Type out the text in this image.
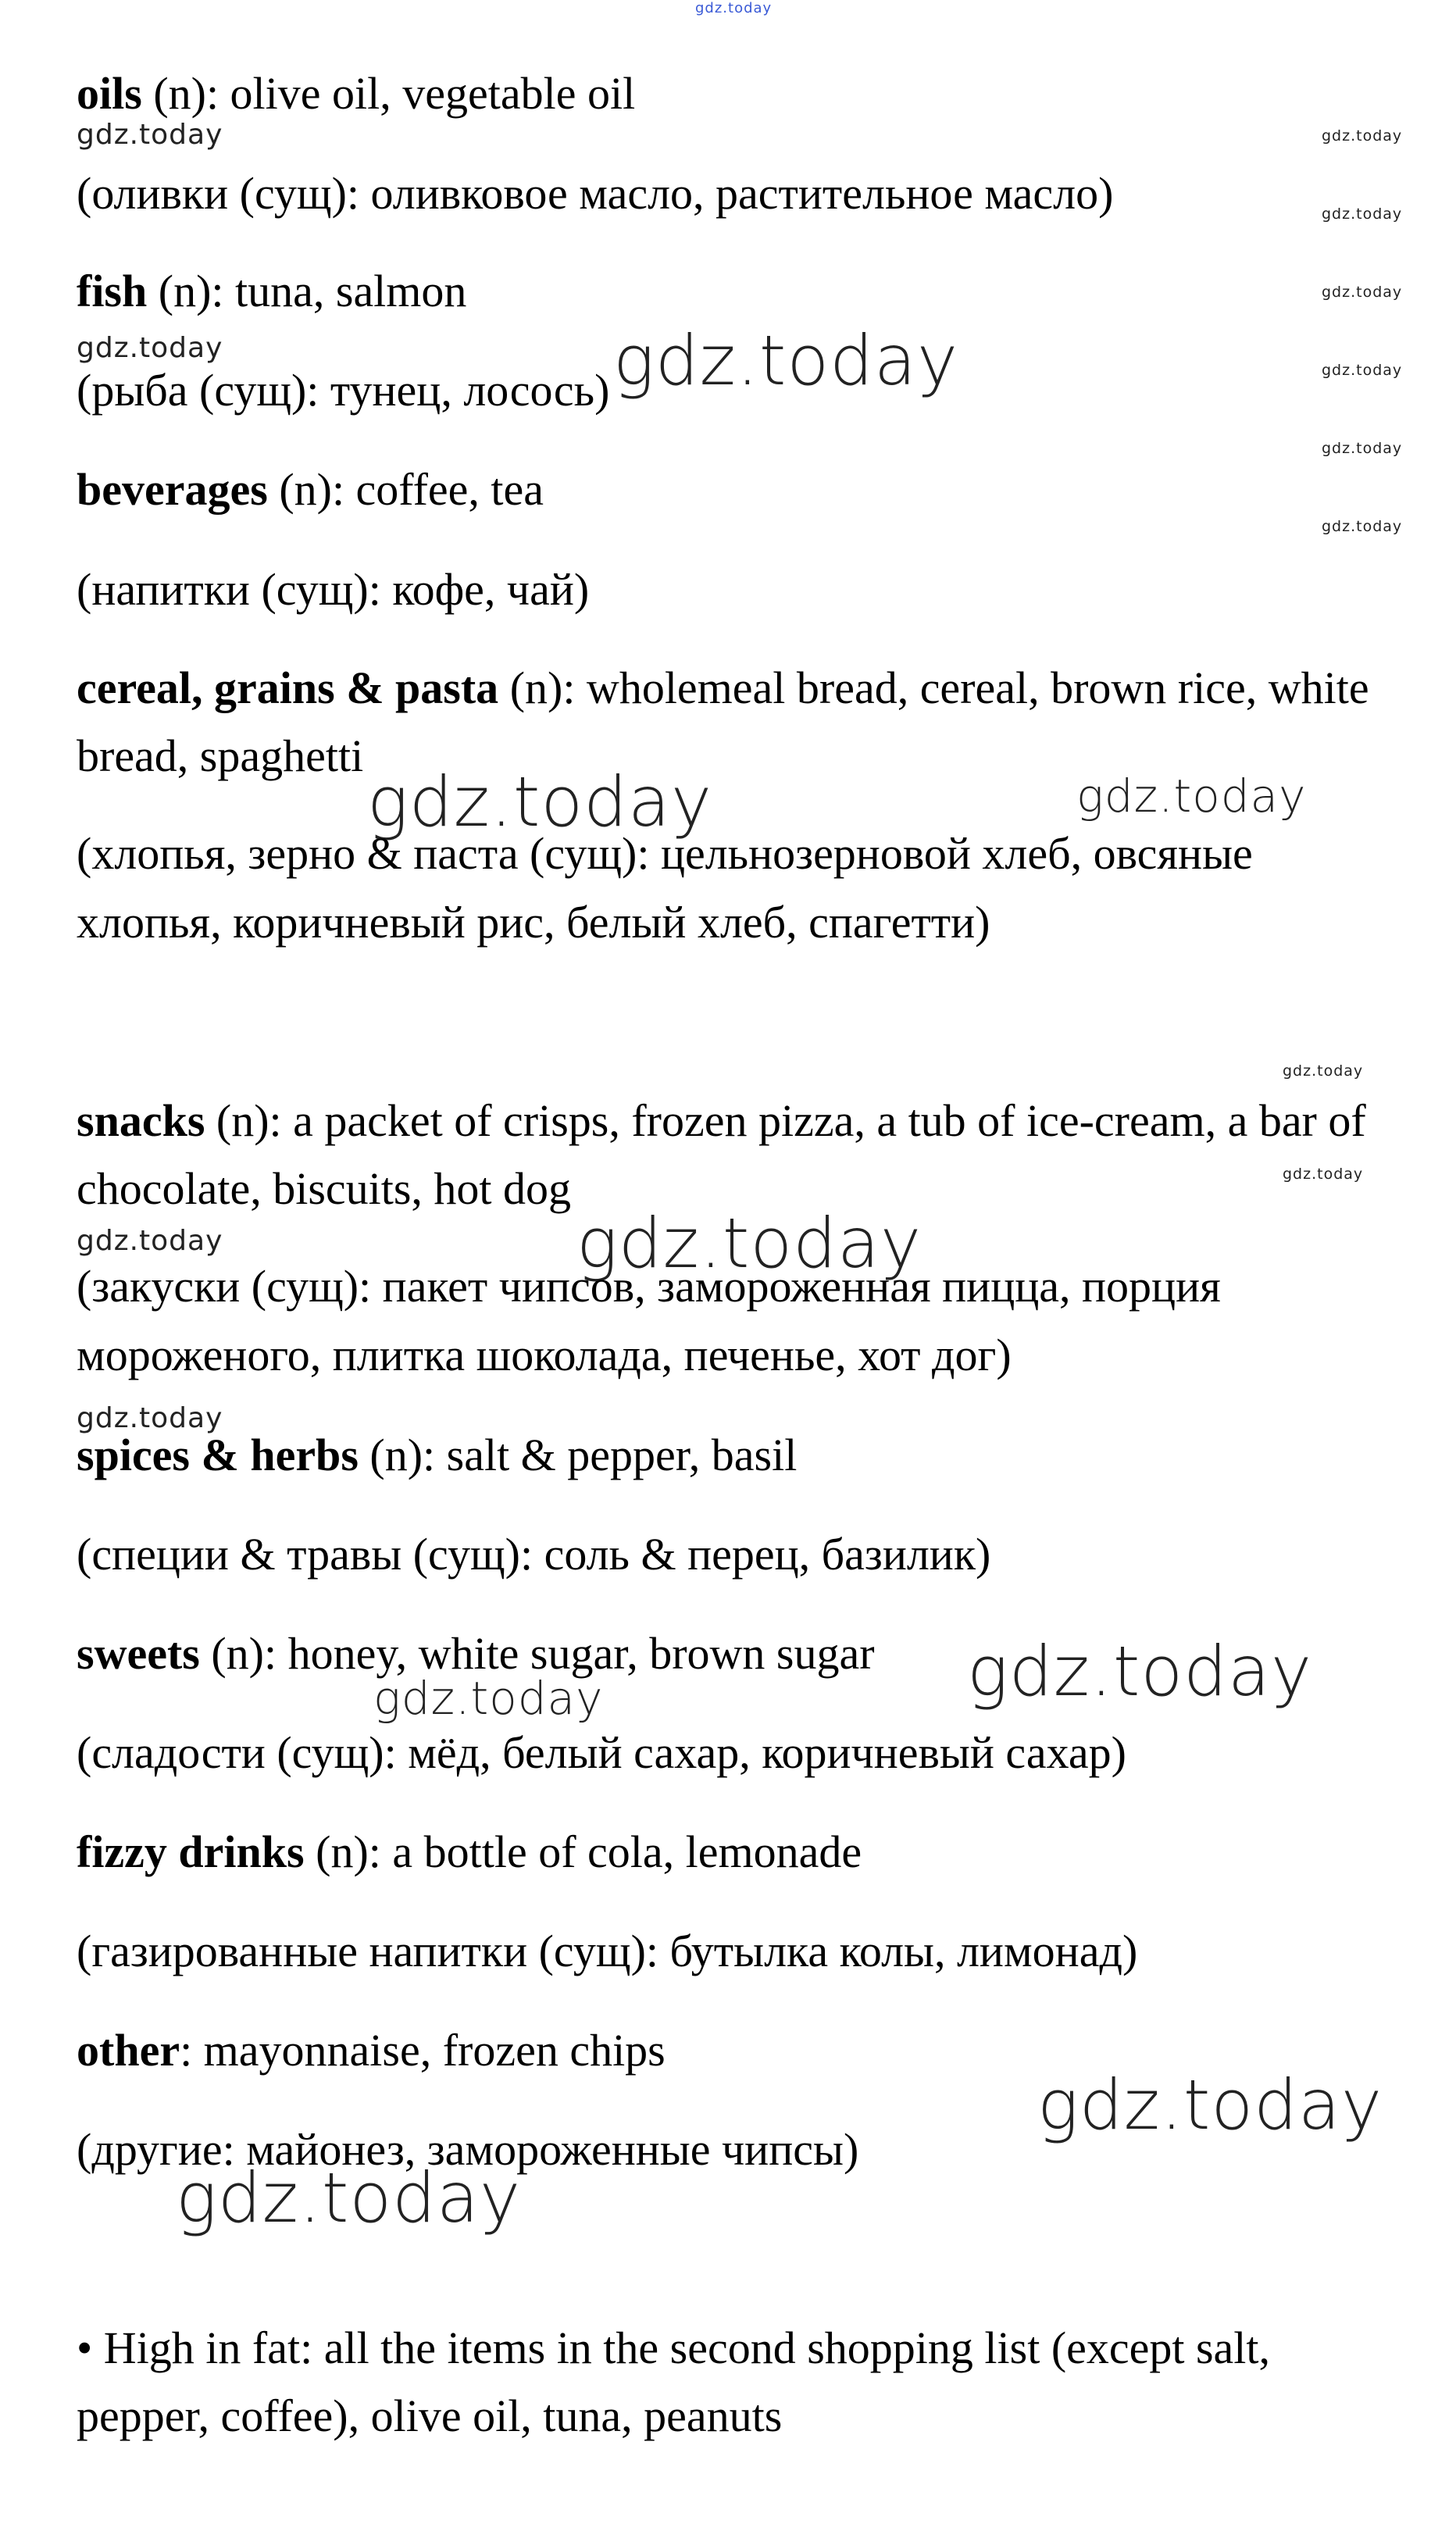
gdz.today
gdz.today	gdz.today
gdz.today
gdz.today
gdz.today	gdz.today	gdz.today
gdz.today
gdz.today
gdz.today	gdz.today
gdz.today
gdz.today
gdz.today	gdz.today
gdz.today
gdz.today
gdz.today
gdz.today
gdz.today
oils (n): olive oil, vegetable oil
(оливки (сущ): оливковое масло, растительное масло)
fish (n): tuna, salmon
(рыба (сущ): тунец, лосось)
beverages (n): coffee, tea
(напитки (сущ): кофе, чай)
cereal, grains & pasta (n): wholemeal bread, cereal, brown rice, white
bread, spaghetti
(хлопья, зерно & паста (сущ): цельнозерновой хлеб, овсяные
хлопья, коричневый рис, белый хлеб, спагетти)
snacks (n): a packet of crisps, frozen pizza, a tub of ice-cream, a bar of
chocolate, biscuits, hot dog
(закуски (сущ): пакет чипсов, замороженная пицца, порция
мороженого, плитка шоколада, печенье, хот дог)
spices & herbs (n): salt & pepper, basil
(специи & травы (сущ): соль & перец, базилик)
sweets (n): honey, white sugar, brown sugar
(сладости (сущ): мёд, белый сахар, коричневый сахар)
fizzy drinks (n): a bottle of cola, lemonade
(газированные напитки (сущ): бутылка колы, лимонад)
other: mayonnaise, frozen chips
(другие: майонез, замороженные чипсы)
• High in fat: all the items in the second shopping list (except salt,
pepper, coffee), olive oil, tuna, peanuts
